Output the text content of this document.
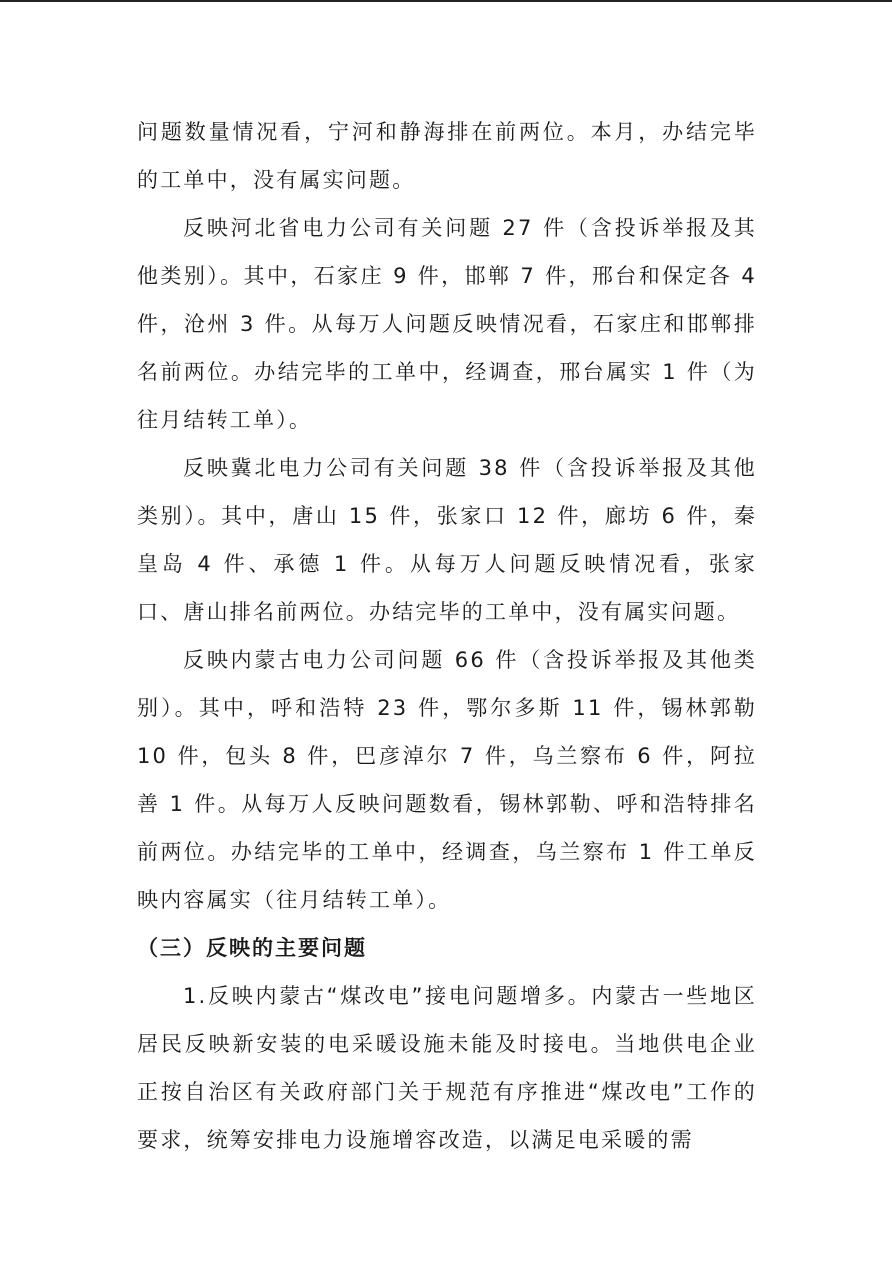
问题数量情况看，宁河和静海排在前两位。本月，办结完毕的工单中，没有属实问题。

反映河北省电力公司有关问题 27 件（含投诉举报及其他类别）。其中，石家庄 9 件，邯郸 7 件，邢台和保定各 4 件，沧州 3 件。从每万人问题反映情况看，石家庄和邯郸排名前两位。办结完毕的工单中，经调查，邢台属实 1 件（为往月结转工单）。

反映冀北电力公司有关问题 38 件（含投诉举报及其他类别）。其中，唐山 15 件，张家口 12 件，廊坊 6 件，秦皇岛 4 件、承德 1 件。从每万人问题反映情况看，张家口、唐山排名前两位。办结完毕的工单中，没有属实问题。

反映内蒙古电力公司问题 66 件（含投诉举报及其他类别）。其中，呼和浩特 23 件，鄂尔多斯 11 件，锡林郭勒 10 件，包头 8 件，巴彦淖尔 7 件，乌兰察布 6 件，阿拉善 1 件。从每万人反映问题数看，锡林郭勒、呼和浩特排名前两位。办结完毕的工单中，经调查，乌兰察布 1 件工单反映内容属实（往月结转工单）。

（三）反映的主要问题

1.反映内蒙古“煤改电”接电问题增多。内蒙古一些地区居民反映新安装的电采暖设施未能及时接电。当地供电企业正按自治区有关政府部门关于规范有序推进“煤改电”工作的要求，统筹安排电力设施增容改造，以满足电采暖的需
